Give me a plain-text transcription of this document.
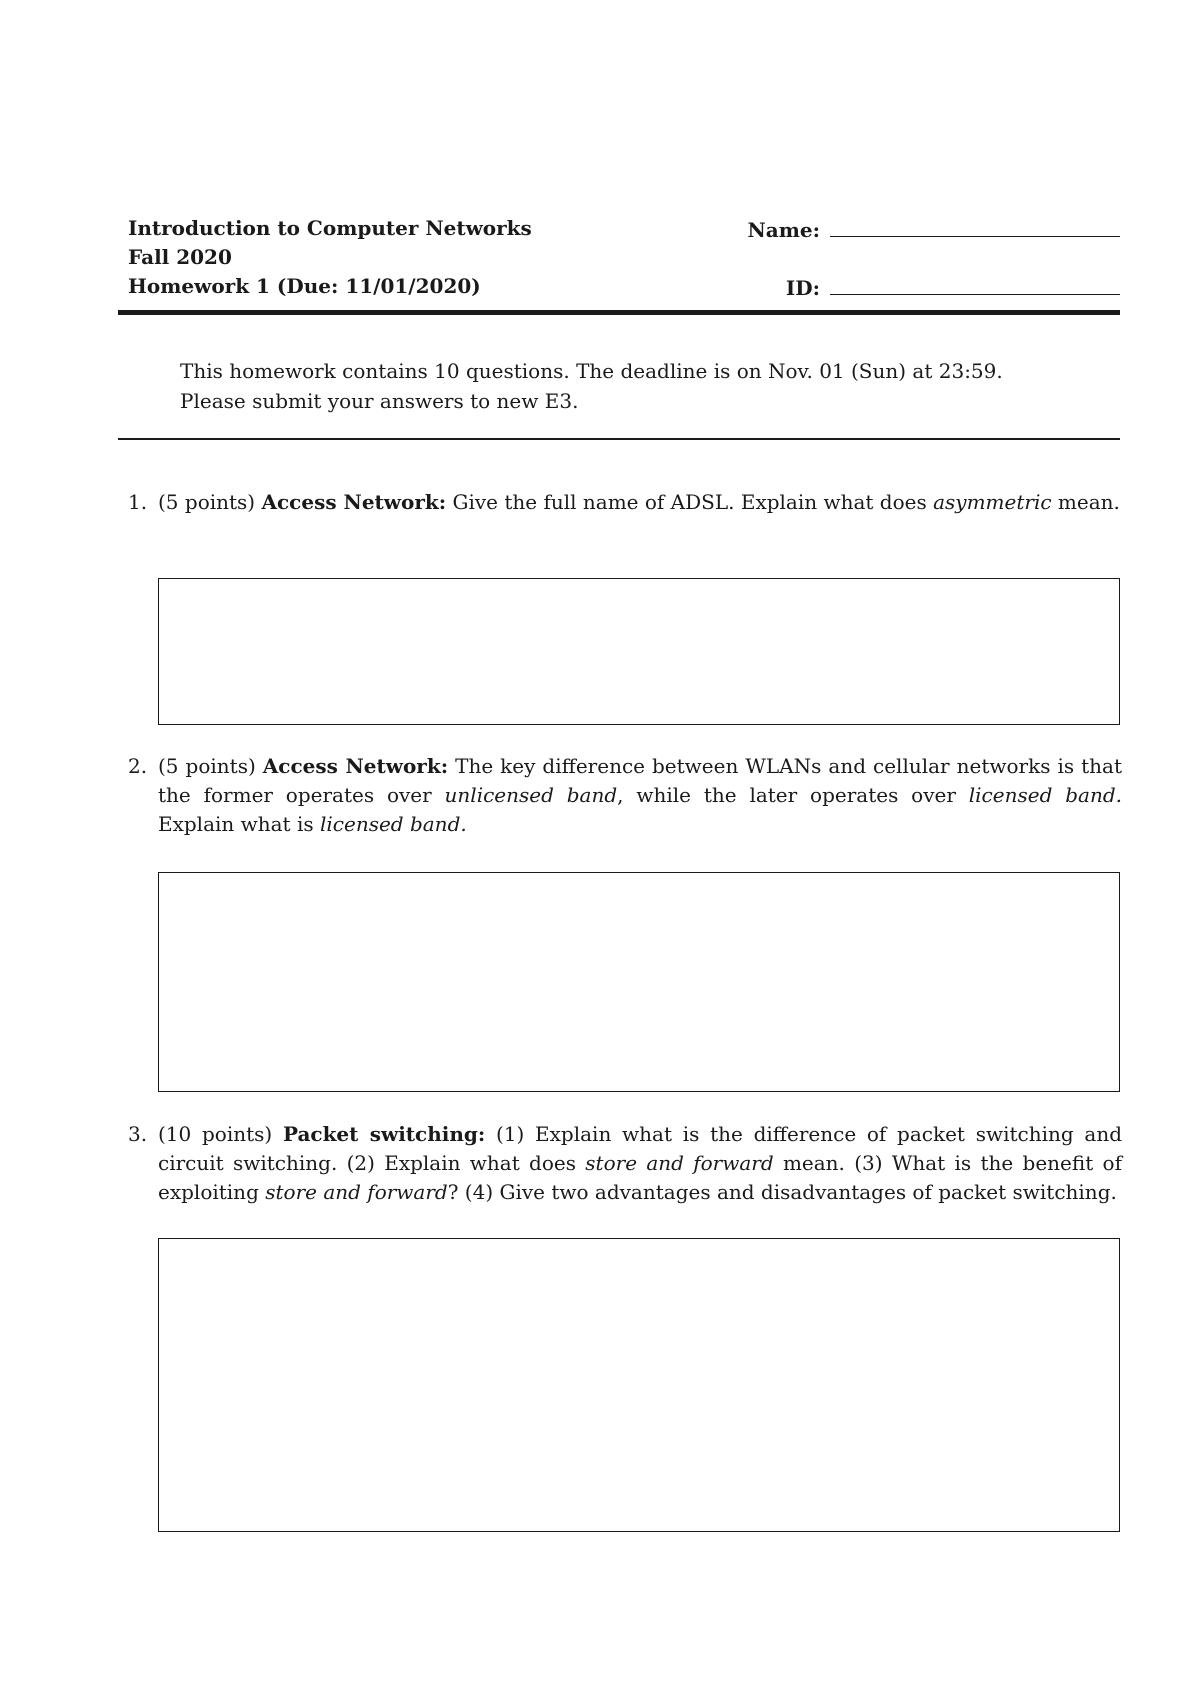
Introduction to Computer Networks	Name:
Fall 2020
Homework 1 (Due: 11/01/2020)	ID:
This homework contains 10 questions. The deadline is on Nov. 01 (Sun) at 23:59.
Please submit your answers to new E3.
1. (5 points) Access Network: Give the full name of ADSL. Explain what does asymmetric mean.
2. (5 points) Access Network: The key difference between WLANs and cellular networks is that the former operates over unlicensed band, while the later operates over licensed band. Explain what is licensed band.
3. (10 points) Packet switching: (1) Explain what is the difference of packet switching and circuit switching. (2) Explain what does store and forward mean. (3) What is the benefit of exploiting store and forward? (4) Give two advantages and disadvantages of packet switching.
